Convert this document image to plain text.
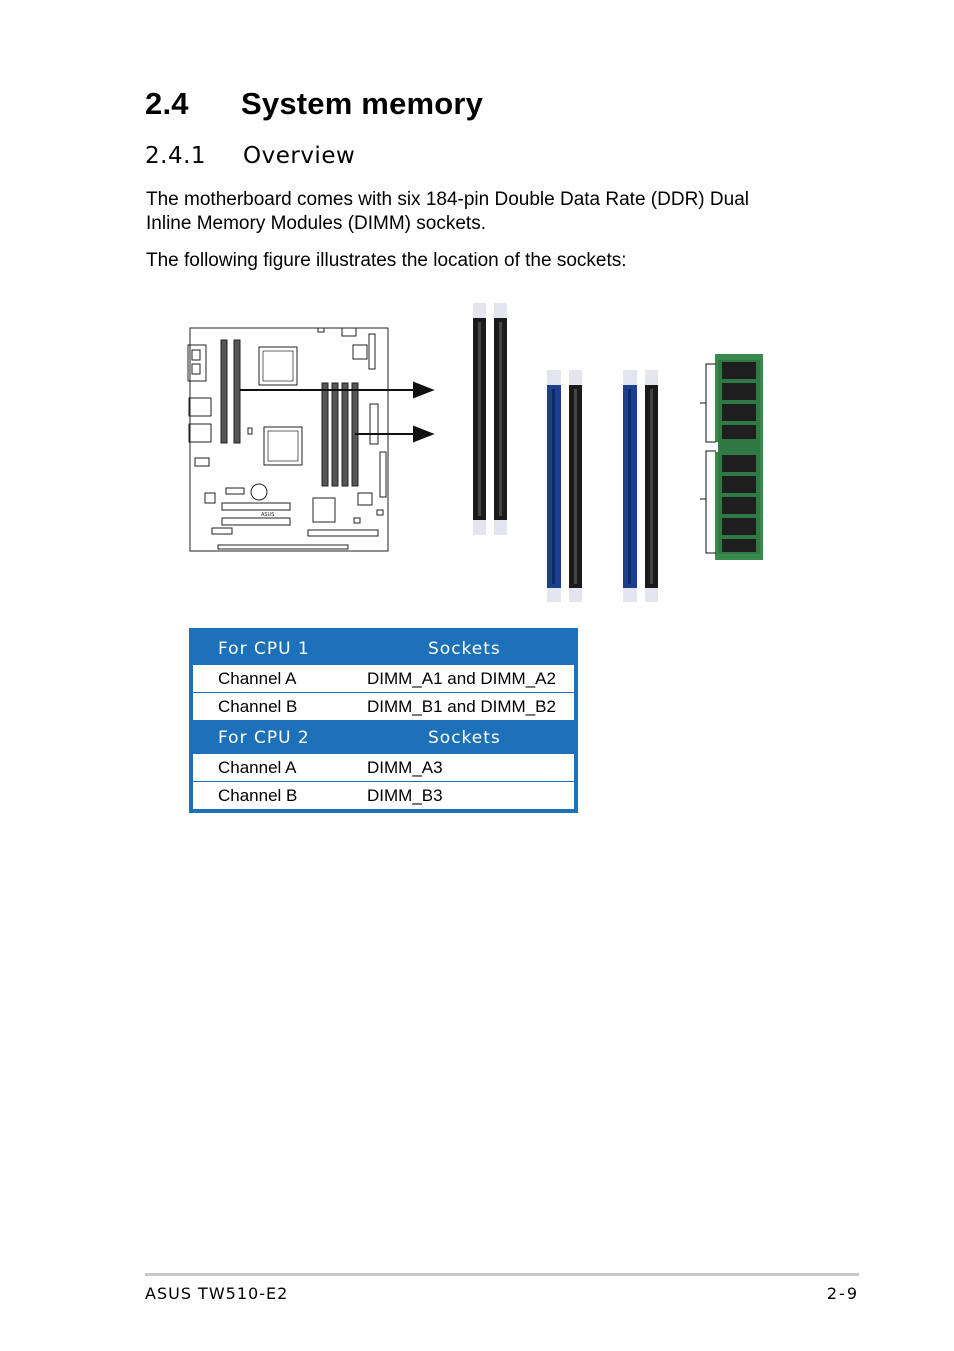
2.4 System memory
2.4.1 Overview

The motherboard comes with six 184-pin Double Data Rate (DDR) Dual Inline Memory Modules (DIMM) sockets.

The following figure illustrates the location of the sockets:

ASUS
For CPU 1	Sockets
Channel A	DIMM_A1 and DIMM_A2
Channel B	DIMM_B1 and DIMM_B2
For CPU 2	Sockets
Channel A	DIMM_A3
Channel B	DIMM_B3
ASUS TW510-E2	2-9
